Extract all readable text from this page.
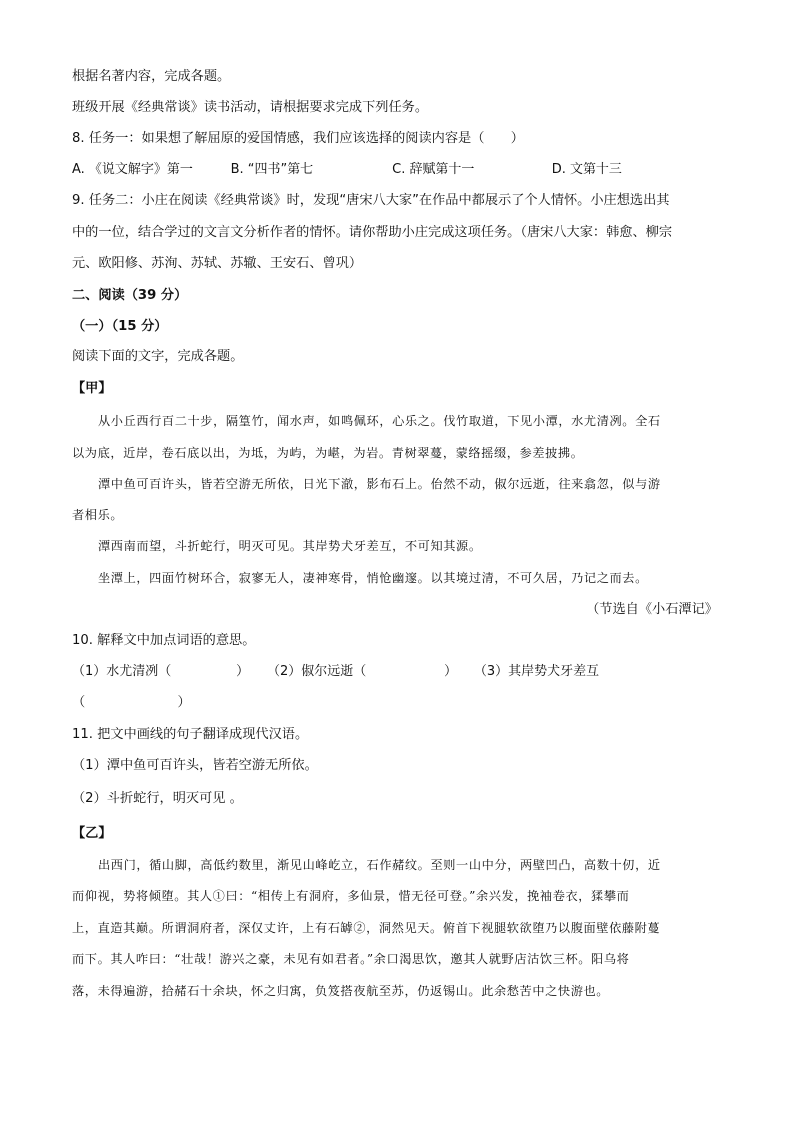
根据名著内容，完成各题。
班级开展《经典常谈》读书活动，请根据要求完成下列任务。
8. 任务一：如果想了解屈原的爱国情感，我们应该选择的阅读内容是（　　）
A. 《说文解字》第一	B. “四书”第七	C. 辞赋第十一	D. 文第十三
9. 任务二：小庄在阅读《经典常谈》时，发现“唐宋八大家”在作品中都展示了个人情怀。小庄想选出其
中的一位，结合学过的文言文分析作者的情怀。请你帮助小庄完成这项任务。（唐宋八大家：韩愈、柳宗
元、欧阳修、苏洵、苏轼、苏辙、王安石、曾巩）
二、阅读（39 分）
（一）（15 分）
阅读下面的文字，完成各题。
【甲】
从小丘西行百二十步，隔篁竹，闻水声，如鸣佩环，心乐之。伐竹取道，下见小潭，水尤清冽。全石
以为底，近岸，卷石底以出，为坻，为屿，为嵁，为岩。青树翠蔓，蒙络摇缀，参差披拂。
潭中鱼可百许头，皆若空游无所依，日光下澈，影布石上。佁然不动，俶尔远逝，往来翕忽，似与游
者相乐。
潭西南而望，斗折蛇行，明灭可见。其岸势犬牙差互，不可知其源。
坐潭上，四面竹树环合，寂寥无人，凄神寒骨，悄怆幽邃。以其境过清，不可久居，乃记之而去。
（节选自《小石潭记》
10. 解释文中加点词语的意思。
（1）水尤清冽（　　　　　） （2）俶尔远逝（　　　　　　） （3）其岸势犬牙差互
（　　　　　　　）
11. 把文中画线的句子翻译成现代汉语。
（1）潭中鱼可百许头，皆若空游无所依。
（2）斗折蛇行，明灭可见 。
【乙】
出西门，循山脚，高低约数里，渐见山峰屹立，石作赭纹。至则一山中分，两壁凹凸，高数十仞，近
而仰视，势将倾堕。其人①曰：“相传上有洞府，多仙景，惜无径可登。”余兴发，挽袖卷衣，猱攀而
上，直造其巅。所谓洞府者，深仅丈许，上有石罅②，洞然见天。俯首下视腿软欲堕乃以腹面壁依藤附蔓
而下。其人咋曰：“壮哉！游兴之豪，未见有如君者。”余口渴思饮，邀其人就野店沽饮三杯。阳乌将
落，未得遍游，拾赭石十余块，怀之归寓，负笈搭夜航至苏，仍返锡山。此余愁苦中之快游也。
